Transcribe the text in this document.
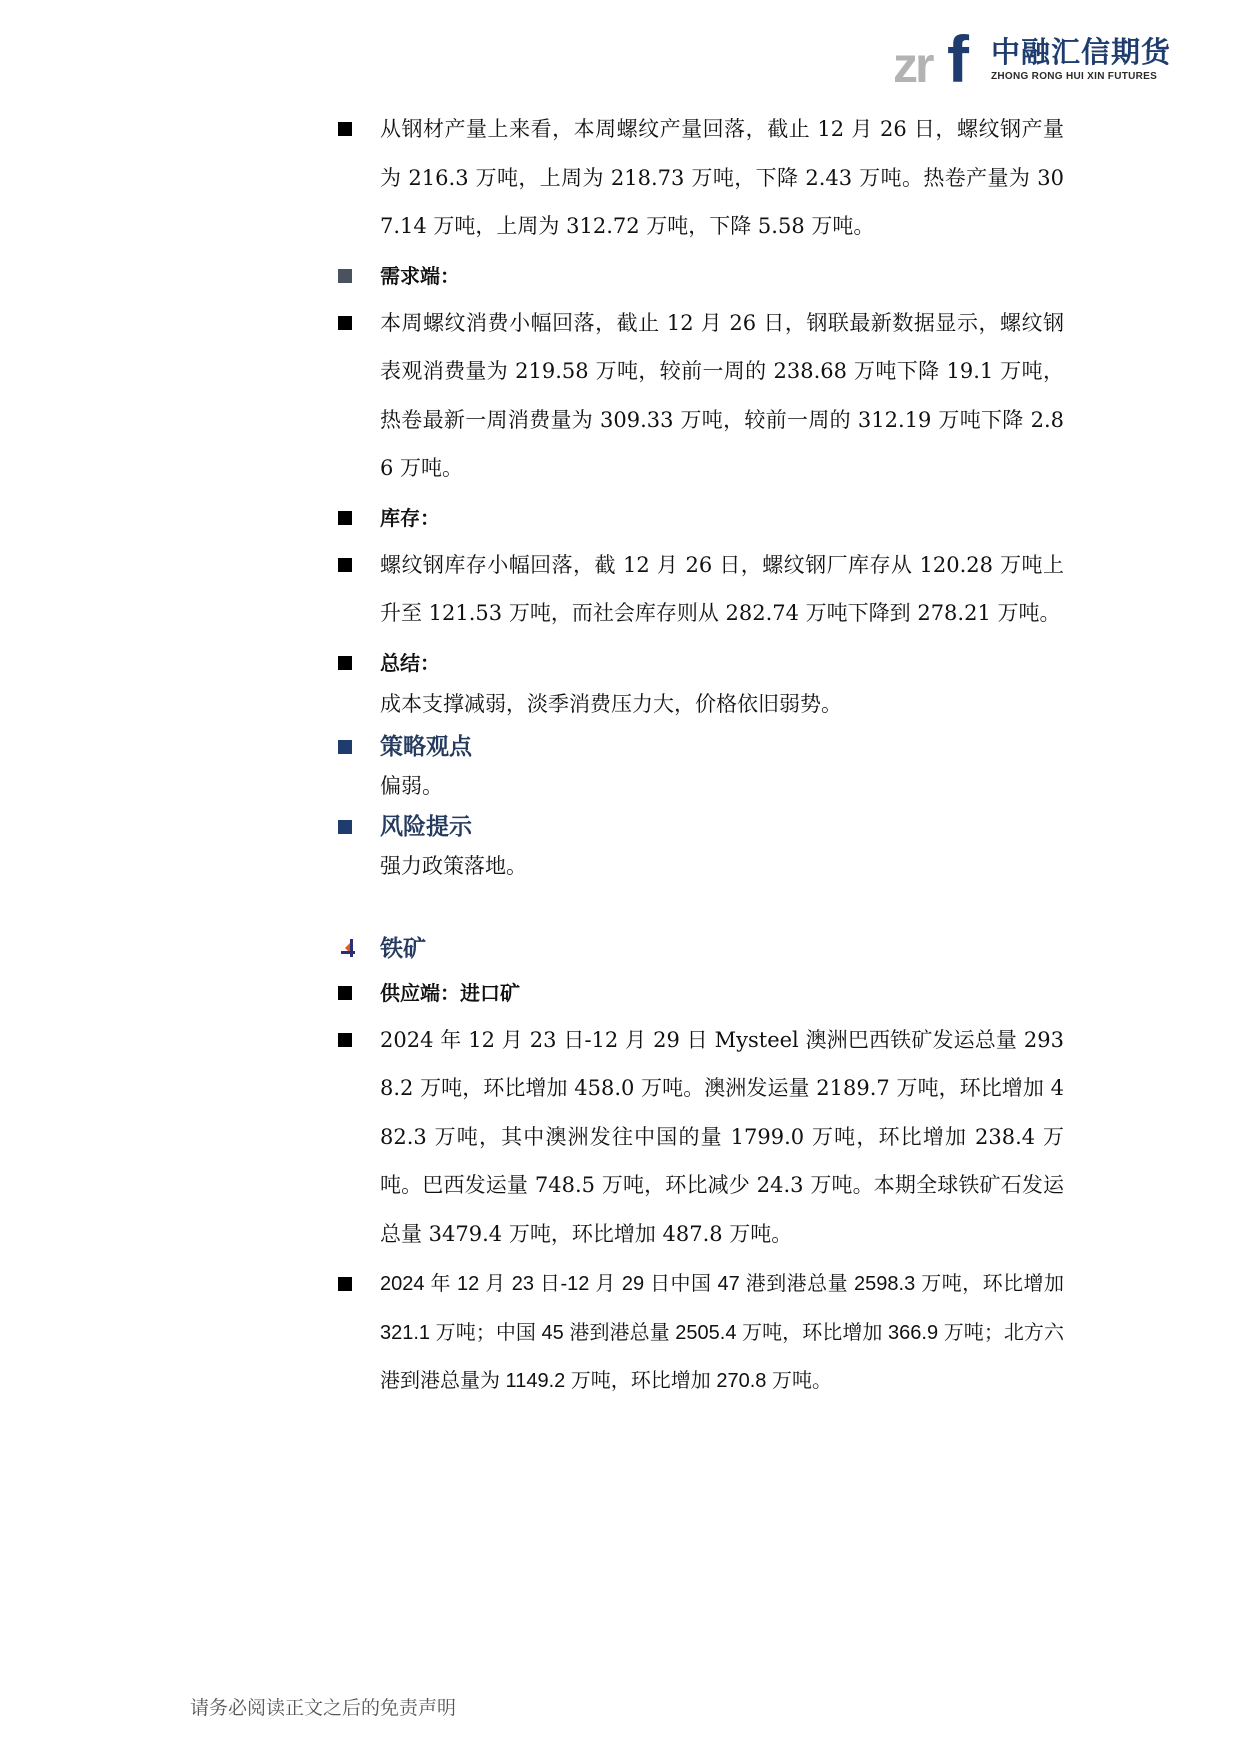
zr f 中融汇信期货
ZHONG RONG HUI XIN FUTURES
从钢材产量上来看，本周螺纹产量回落，截止 12 月 26 日，螺纹钢产量为 216.3 万吨，上周为 218.73 万吨，下降 2.43 万吨。热卷产量为 307.14 万吨，上周为 312.72 万吨，下降 5.58 万吨。
需求端：
本周螺纹消费小幅回落，截止 12 月 26 日，钢联最新数据显示，螺纹钢表观消费量为 219.58 万吨，较前一周的 238.68 万吨下降 19.1 万吨，热卷最新一周消费量为 309.33 万吨，较前一周的 312.19 万吨下降 2.86 万吨。
库存：
螺纹钢库存小幅回落，截 12 月 26 日，螺纹钢厂库存从 120.28 万吨上升至 121.53 万吨，而社会库存则从 282.74 万吨下降到 278.21 万吨。
总结：
成本支撑减弱，淡季消费压力大，价格依旧弱势。
策略观点
偏弱。
风险提示
强力政策落地。
铁矿
供应端：进口矿
2024 年 12 月 23 日-12 月 29 日 Mysteel 澳洲巴西铁矿发运总量 2938.2 万吨，环比增加 458.0 万吨。澳洲发运量 2189.7 万吨，环比增加 482.3 万吨，其中澳洲发往中国的量 1799.0 万吨，环比增加 238.4 万吨。巴西发运量 748.5 万吨，环比减少 24.3 万吨。本期全球铁矿石发运总量 3479.4 万吨，环比增加 487.8 万吨。
2024 年 12 月 23 日-12 月 29 日中国 47 港到港总量 2598.3 万吨，环比增加 321.1 万吨；中国 45 港到港总量 2505.4 万吨，环比增加 366.9 万吨；北方六港到港总量为 1149.2 万吨，环比增加 270.8 万吨。
请务必阅读正文之后的免责声明
